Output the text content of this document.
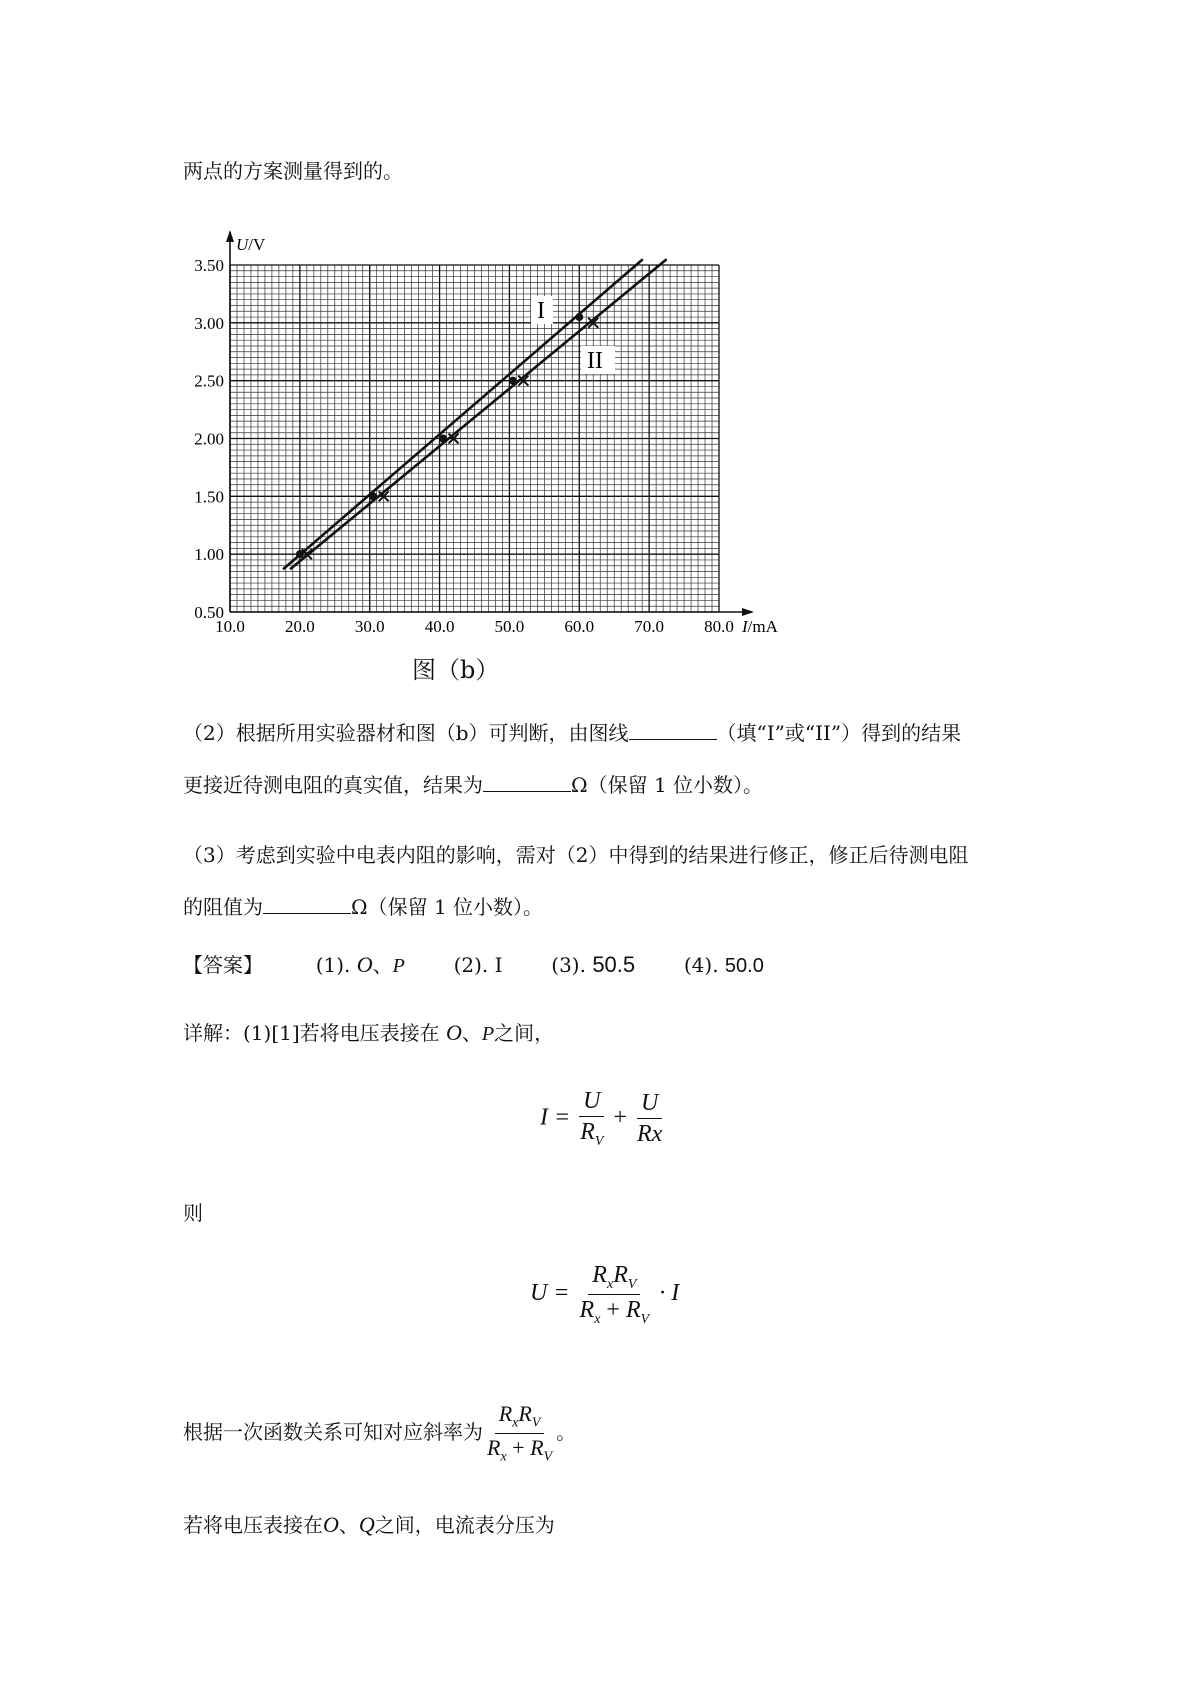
两点的方案测量得到的。
10.0 20.0 30.0 40.0 50.0 60.0 70.0 80.0
0.50
1.00
1.50
2.00
2.50
3.00
3.50
U/V
I/mA
I
II
图（b）
（2）根据所用实验器材和图（b）可判断，由图线	（填“I”或“II”）得到的结果
更接近待测电阻的真实值，结果为	Ω（保留 1 位小数）。
（3）考虑到实验中电表内阻的影响，需对（2）中得到的结果进行修正，修正后待测电阻
的阻值为	Ω（保留 1 位小数）。
【答案】	(1). O、P (2). I (3). 50.5 (4). 50.0
详解：(1)[1]若将电压表接在 O、P之间，
$I = \frac{U}{R_V} + \frac{U}{Rx}$
则
$U = \frac{R_xR_V}{R_x + R_V} \cdot I$
根据一次函数关系可知对应斜率为 $\frac{R_xR_V}{R_x + R_V}$ 。
若将电压表接在O、Q之间，电流表分压为
